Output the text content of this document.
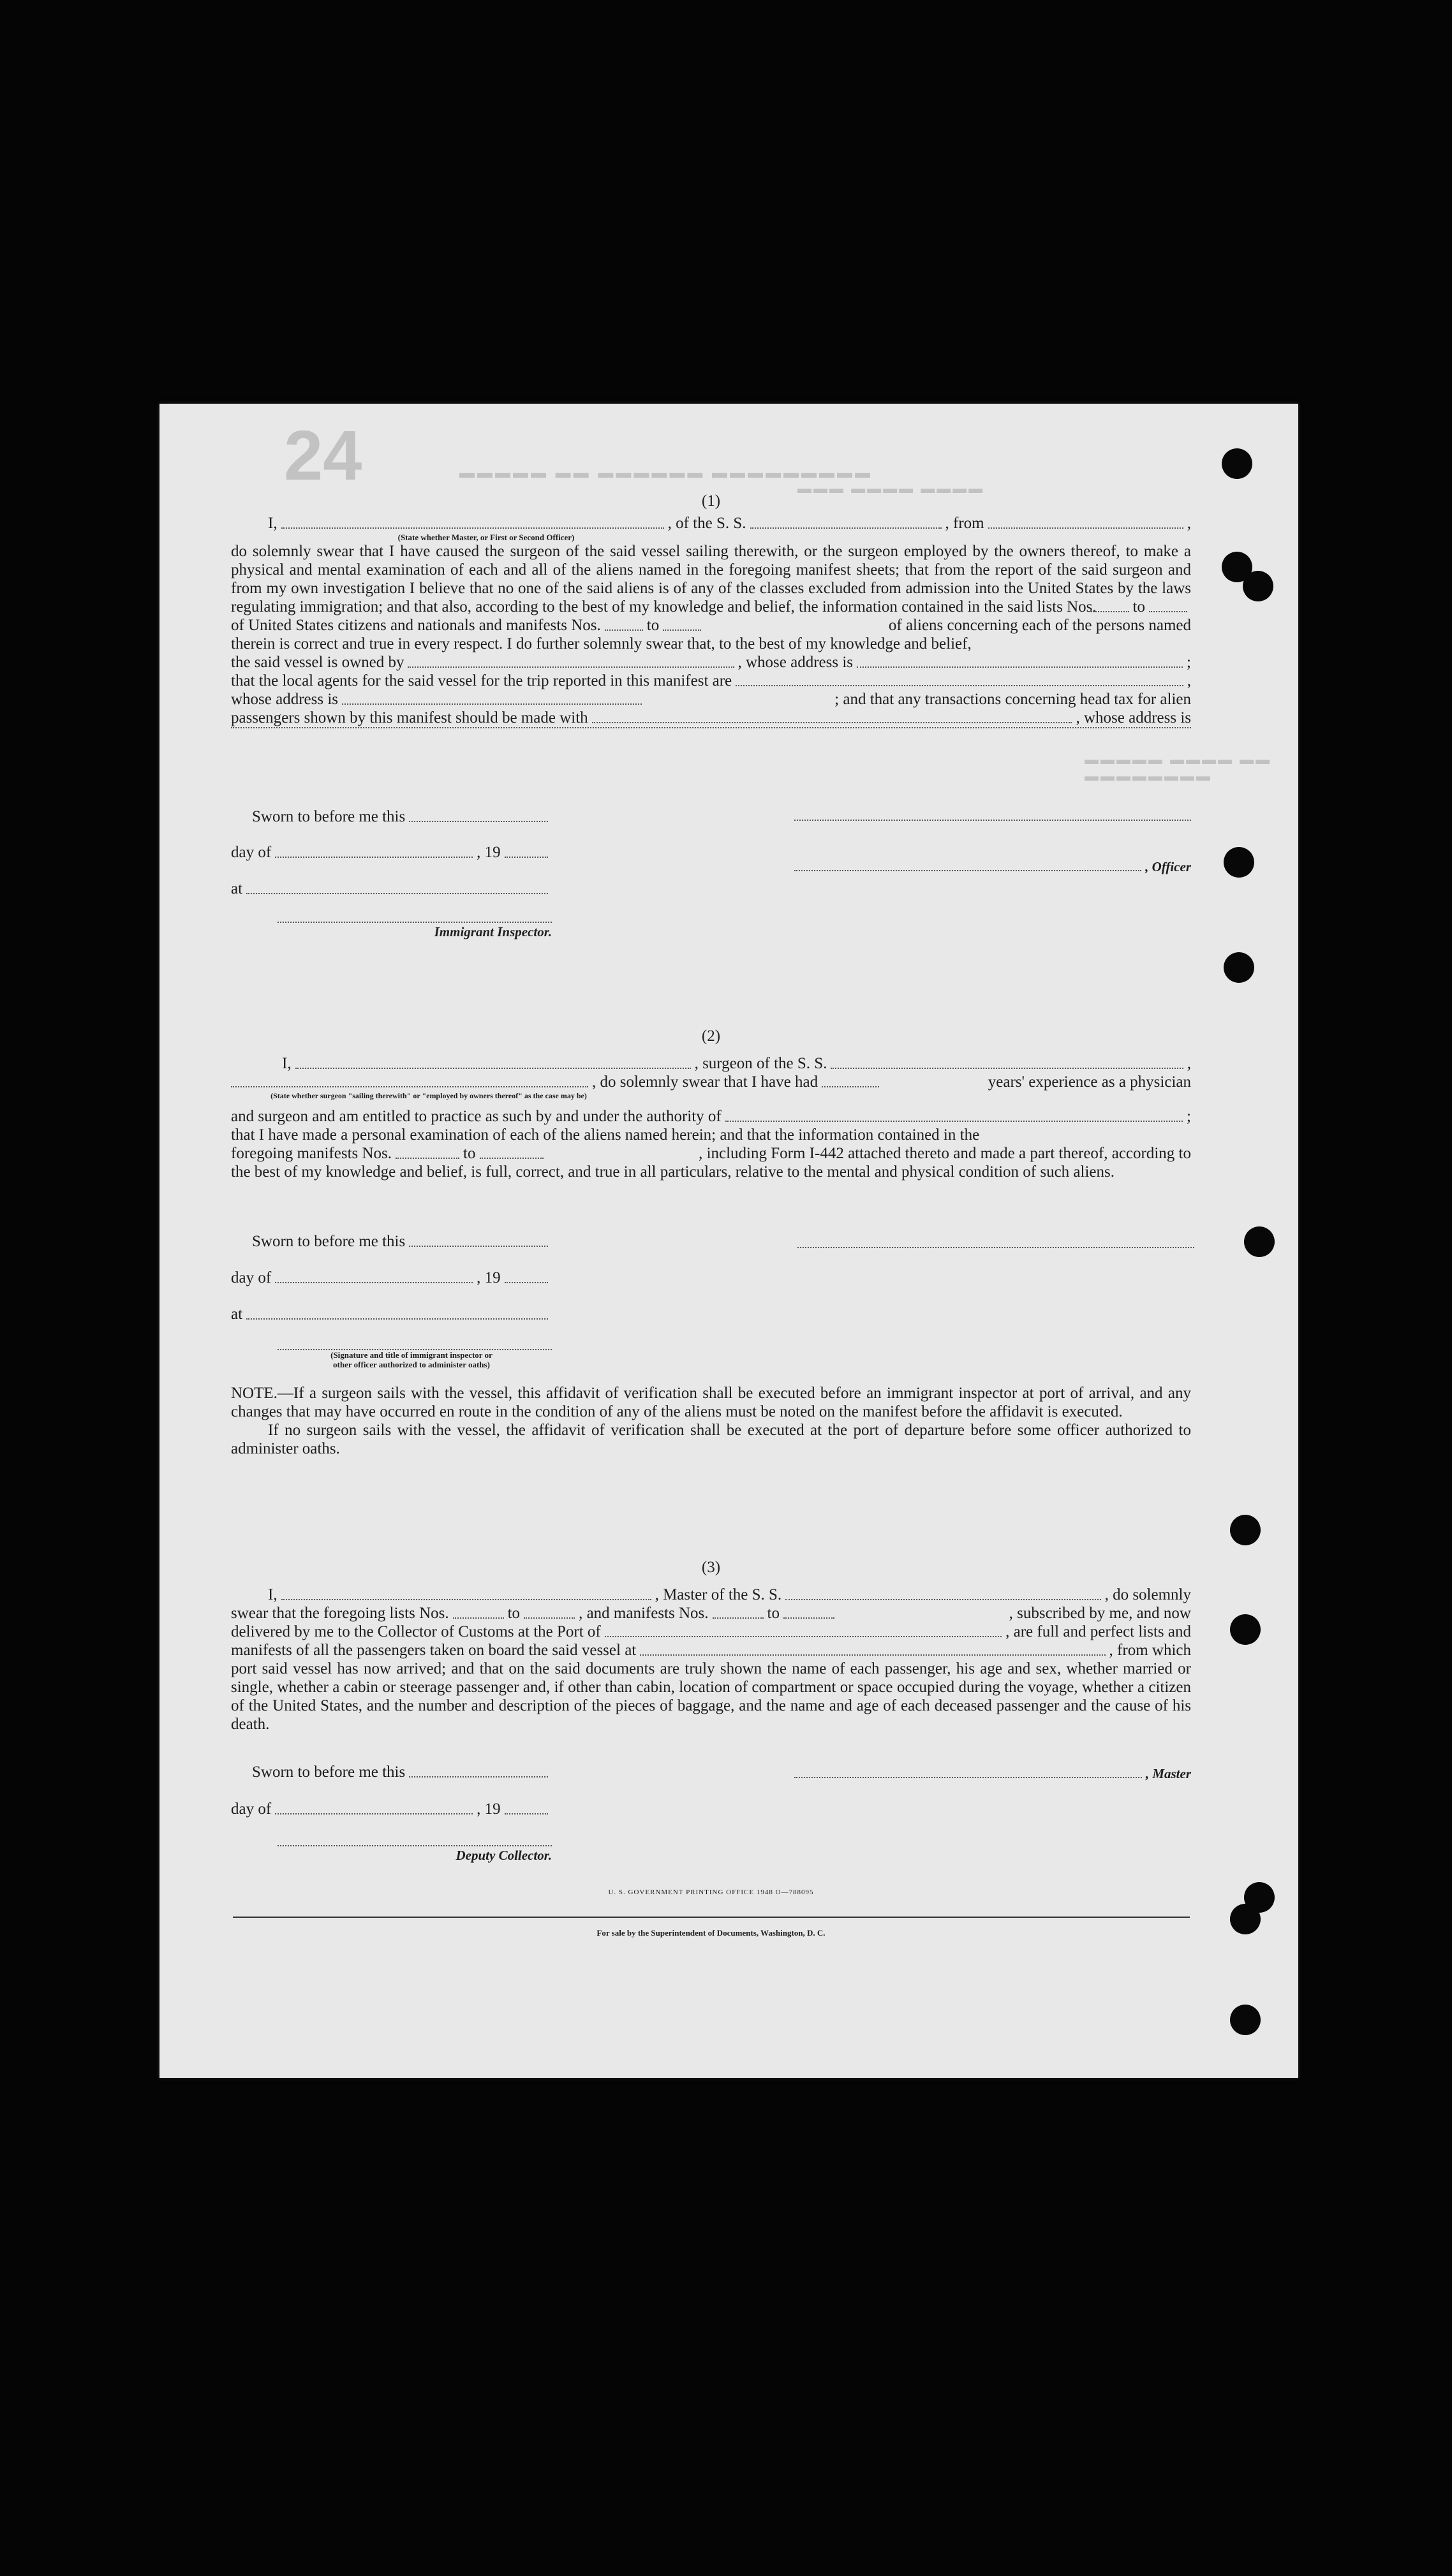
24	▬▬▬▬▬ ▬▬ ▬▬▬▬▬▬ ▬▬▬▬▬▬▬▬▬
▬▬▬ ▬▬▬▬ ▬▬▬▬
▬▬▬▬▬ ▬▬▬▬ ▬▬ ▬▬▬▬▬▬▬▬
(1)
I,	, of the S. S.	, from	,
(State whether Master, or First or Second Officer)

do solemnly swear that I have caused the surgeon of the said vessel sailing therewith, or the surgeon employed by the owners thereof, to make a physical and mental examination of each and all of the aliens named in the foregoing manifest sheets; that from the report of the said surgeon and from my own investigation I believe that no one of the said aliens is of any of the classes excluded from admission into the United States by the laws regulating immigration; and that also, according to the best of my knowledge and belief, the information contained in the said lists Nos.	to
of United States citizens and nationals and manifests Nos.	to	of aliens concerning each of the persons named

therein is correct and true in every respect. I do further solemnly swear that, to the best of my knowledge and belief,

the said vessel is owned by	, whose address is	;
that the local agents for the said vessel for the trip reported in this manifest are	,
whose address is	; and that any transactions concerning head tax for alien
passengers shown by this manifest should be made with	, whose address is
Sworn to before me this
day of	, 19
at
Immigrant Inspector.
, Officer
(2)
I,	, surgeon of the S. S.	,
, do solemnly swear that I have had	years' experience as a physician
(State whether surgeon "sailing therewith" or "employed by owners thereof" as the case may be)
and surgeon and am entitled to practice as such by and under the authority of	;

that I have made a personal examination of each of the aliens named herein; and that the information contained in the

foregoing manifests Nos.	to	, including Form I-442 attached thereto and made a part thereof, according to

the best of my knowledge and belief, is full, correct, and true in all particulars, relative to the mental and physical condition of such aliens.

Sworn to before me this
day of	, 19
at
(Signature and title of immigrant inspector or
other officer authorized to administer oaths)

NOTE.—If a surgeon sails with the vessel, this affidavit of verification shall be executed before an immigrant inspector at port of arrival, and any changes that may have occurred en route in the condition of any of the aliens must be noted on the manifest before the affidavit is executed.

If no surgeon sails with the vessel, the affidavit of verification shall be executed at the port of departure before some officer authorized to administer oaths.

(3)
I,	, Master of the S. S.	, do solemnly
swear that the foregoing lists Nos.	to	, and manifests Nos.	to	, subscribed by me, and now
delivered by me to the Collector of Customs at the Port of	, are full and perfect lists and
manifests of all the passengers taken on board the said vessel at	, from which

port said vessel has now arrived; and that on the said documents are truly shown the name of each passenger, his age and sex, whether married or single, whether a cabin or steerage passenger and, if other than cabin, location of compartment or space occupied during the voyage, whether a citizen of the United States, and the number and description of the pieces of baggage, and the name and age of each deceased passenger and the cause of his death.

Sworn to before me this
day of	, 19
Deputy Collector.
, Master
U. S. GOVERNMENT PRINTING OFFICE 1948 O—788095
For sale by the Superintendent of Documents, Washington, D. C.
